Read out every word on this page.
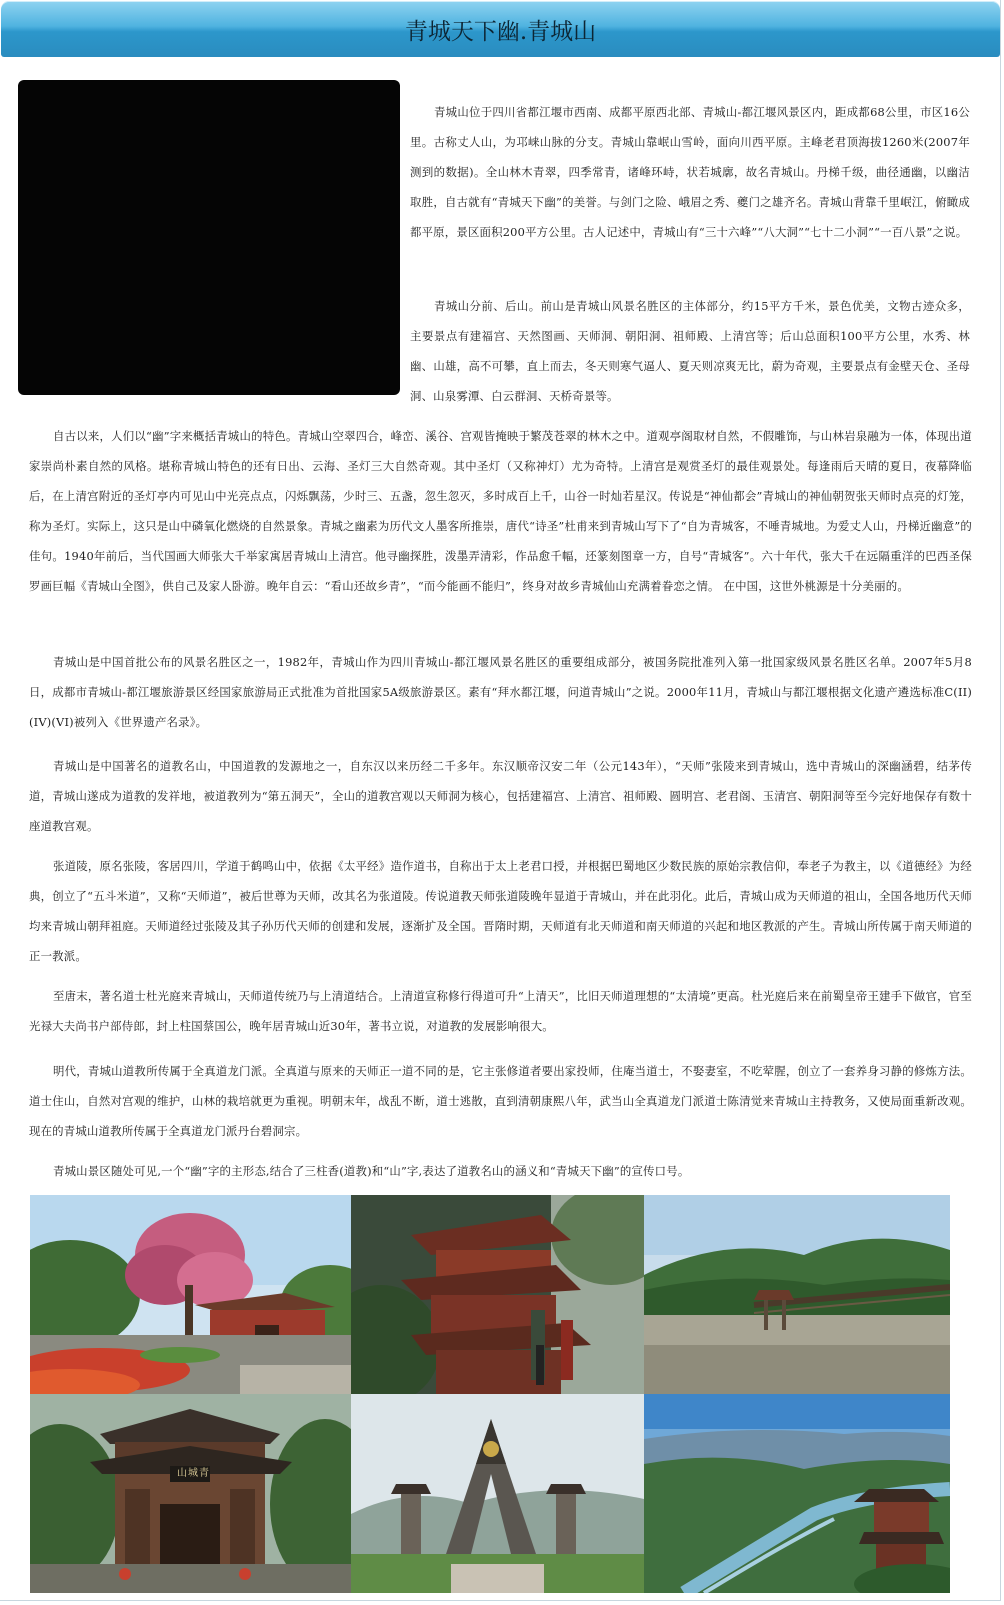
青城天下幽.青城山

青城山位于四川省都江堰市西南、成都平原西北部、青城山-都江堰风景区内，距成都68公里，市区16公里。古称丈人山，为邛崃山脉的分支。青城山靠岷山雪岭，面向川西平原。主峰老君顶海拔1260米(2007年测到的数据)。全山林木青翠，四季常青，诸峰环峙，状若城廓，故名青城山。丹梯千级，曲径通幽，以幽洁取胜，自古就有“青城天下幽”的美誉。与剑门之险、峨眉之秀、夔门之雄齐名。青城山背靠千里岷江，俯瞰成都平原，景区面积200平方公里。古人记述中，青城山有“三十六峰”“八大洞”“七十二小洞”“一百八景”之说。

青城山分前、后山。前山是青城山风景名胜区的主体部分，约15平方千米，景色优美，文物古迹众多，主要景点有建福宫、天然图画、天师洞、朝阳洞、祖师殿、上清宫等；后山总面积100平方公里，水秀、林幽、山雄，高不可攀，直上而去，冬天则寒气逼人、夏天则凉爽无比，蔚为奇观，主要景点有金壁天仓、圣母洞、山泉雾潭、白云群洞、天桥奇景等。

自古以来，人们以“幽”字来概括青城山的特色。青城山空翠四合，峰峦、溪谷、宫观皆掩映于繁茂苍翠的林木之中。道观亭阁取材自然，不假雕饰，与山林岩泉融为一体，体现出道家崇尚朴素自然的风格。堪称青城山特色的还有日出、云海、圣灯三大自然奇观。其中圣灯（又称神灯）尤为奇特。上清宫是观赏圣灯的最佳观景处。每逢雨后天晴的夏日，夜幕降临后，在上清宫附近的圣灯亭内可见山中光亮点点，闪烁飘荡，少时三、五盏，忽生忽灭，多时成百上千，山谷一时灿若星汉。传说是“神仙都会”青城山的神仙朝贺张天师时点亮的灯笼，称为圣灯。实际上，这只是山中磷氧化燃烧的自然景象。青城之幽素为历代文人墨客所推崇，唐代“诗圣”杜甫来到青城山写下了“自为青城客，不唾青城地。为爱丈人山，丹梯近幽意”的佳句。1940年前后，当代国画大师张大千举家寓居青城山上清宫。他寻幽探胜，泼墨弄清彩，作品愈千幅，还篆刻图章一方，自号“青城客”。六十年代，张大千在远隔重洋的巴西圣保罗画巨幅《青城山全图》，供自己及家人卧游。晚年自云：“看山还故乡青”，“而今能画不能归”，终身对故乡青城仙山充满着眷恋之情。 在中国，这世外桃源是十分美丽的。

青城山是中国首批公布的风景名胜区之一，1982年，青城山作为四川青城山-都江堰风景名胜区的重要组成部分，被国务院批准列入第一批国家级风景名胜区名单。2007年5月8日，成都市青城山-都江堰旅游景区经国家旅游局正式批准为首批国家5A级旅游景区。素有“拜水都江堰，问道青城山”之说。2000年11月，青城山与都江堰根据文化遗产遴选标准C(II)(IV)(VI)被列入《世界遗产名录》。

青城山是中国著名的道教名山，中国道教的发源地之一，自东汉以来历经二千多年。东汉顺帝汉安二年（公元143年），“天师”张陵来到青城山，选中青城山的深幽涵碧，结茅传道，青城山遂成为道教的发祥地，被道教列为“第五洞天”，全山的道教宫观以天师洞为核心，包括建福宫、上清宫、祖师殿、圆明宫、老君阁、玉清宫、朝阳洞等至今完好地保存有数十座道教宫观。

张道陵，原名张陵，客居四川，学道于鹤鸣山中，依据《太平经》造作道书，自称出于太上老君口授，并根据巴蜀地区少数民族的原始宗教信仰，奉老子为教主，以《道德经》为经典，创立了“五斗米道”，又称“天师道”，被后世尊为天师，改其名为张道陵。传说道教天师张道陵晚年显道于青城山，并在此羽化。此后，青城山成为天师道的祖山，全国各地历代天师均来青城山朝拜祖庭。天师道经过张陵及其子孙历代天师的创建和发展，逐渐扩及全国。晋隋时期，天师道有北天师道和南天师道的兴起和地区教派的产生。青城山所传属于南天师道的正一教派。

至唐末，著名道士杜光庭来青城山，天师道传统乃与上清道结合。上清道宣称修行得道可升“上清天”，比旧天师道理想的“太清境”更高。杜光庭后来在前蜀皇帝王建手下做官，官至光禄大夫尚书户部侍郎，封上柱国蔡国公，晚年居青城山近30年，著书立说，对道教的发展影响很大。

明代，青城山道教所传属于全真道龙门派。全真道与原来的天师正一道不同的是，它主张修道者要出家投师，住庵当道士，不娶妻室，不吃荤腥，创立了一套养身习静的修炼方法。道士住山，自然对宫观的维护，山林的栽培就更为重视。明朝末年，战乱不断，道士逃散，直到清朝康熙八年，武当山全真道龙门派道士陈清觉来青城山主持教务，又使局面重新改观。现在的青城山道教所传属于全真道龙门派丹台碧洞宗。

青城山景区随处可见,一个“幽”字的主形态,结合了三柱香(道教)和“山”字,表达了道教名山的涵义和“青城天下幽”的宣传口号。

山城青
